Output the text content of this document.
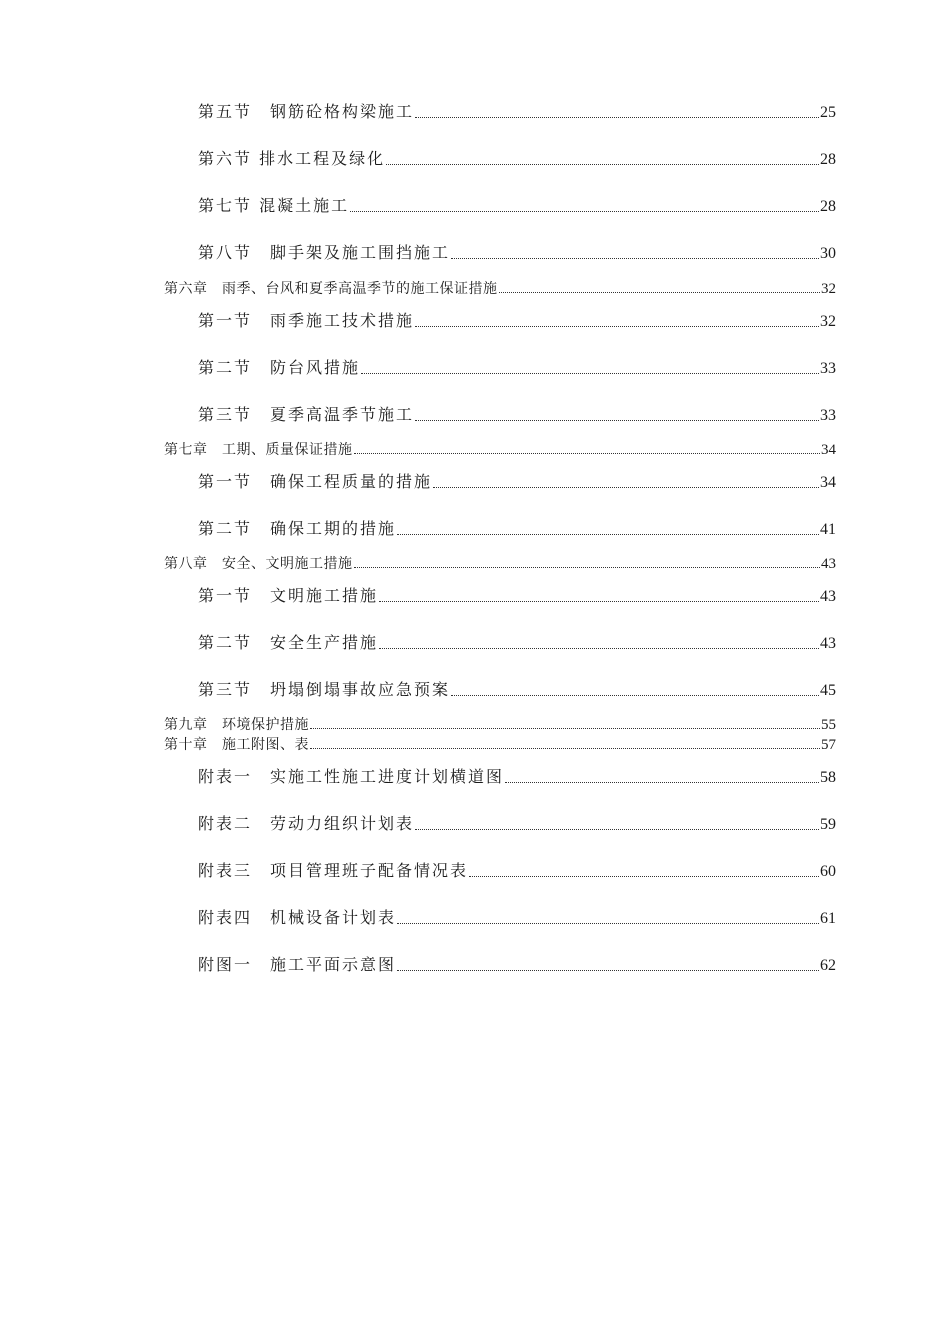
第五节　钢筋砼格构梁施工	25
第六节 排水工程及绿化	28
第七节 混凝土施工	28
第八节　脚手架及施工围挡施工	30
第六章　雨季、台风和夏季高温季节的施工保证措施	32
第一节　雨季施工技术措施	32
第二节　防台风措施	33
第三节　夏季高温季节施工	33
第七章　工期、质量保证措施	34
第一节　确保工程质量的措施	34
第二节　确保工期的措施	41
第八章　安全、文明施工措施	43
第一节　文明施工措施	43
第二节　安全生产措施	43
第三节　坍塌倒塌事故应急预案	45
第九章　环境保护措施	55
第十章　施工附图、表	57
附表一　实施工性施工进度计划横道图	58
附表二　劳动力组织计划表	59
附表三　项目管理班子配备情况表	60
附表四　机械设备计划表	61
附图一　施工平面示意图	62
